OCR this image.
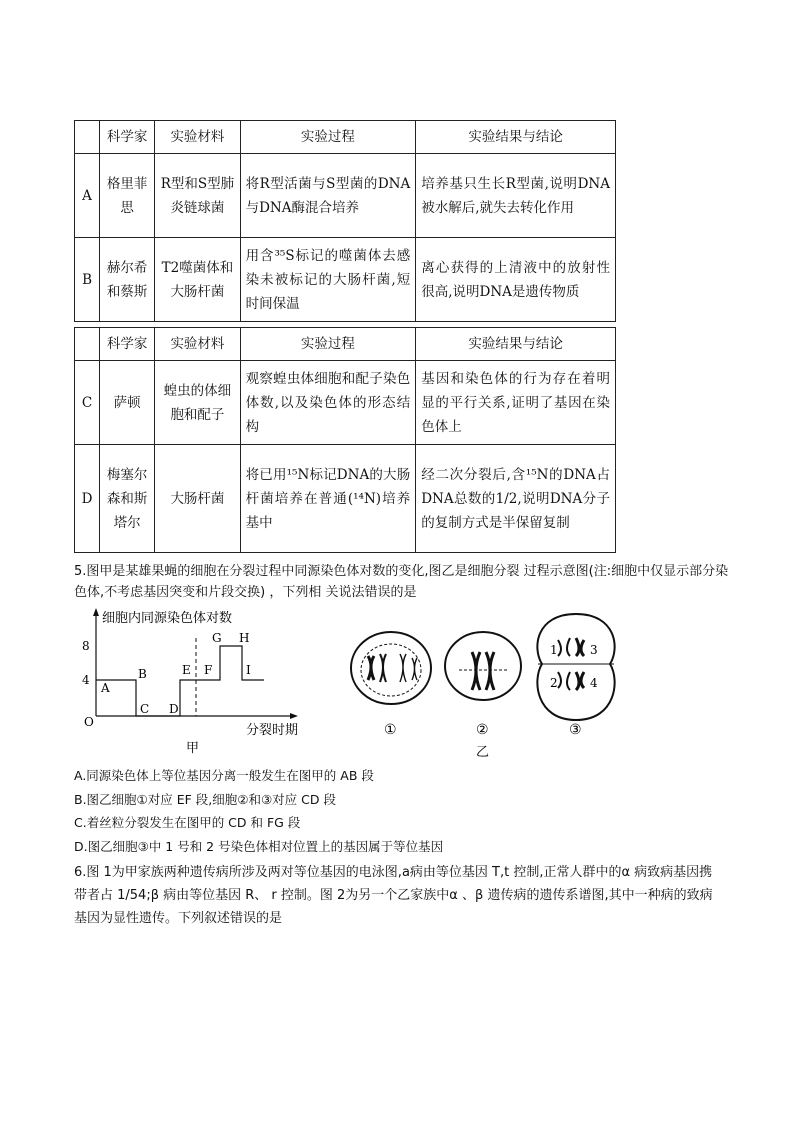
	科学家	实验材料	实验过程	实验结果与结论
A	格里菲思	R型和S型肺炎链球菌	将R型活菌与S型菌的DNA与DNA酶混合培养	培养基只生长R型菌,说明DNA被水解后,就失去转化作用
B	赫尔希和蔡斯	T2噬菌体和大肠杆菌	用含³⁵S标记的噬菌体去感染未被标记的大肠杆菌,短时间保温	离心获得的上清液中的放射性很高,说明DNA是遗传物质
	科学家	实验材料	实验过程	实验结果与结论
C	萨顿	蝗虫的体细胞和配子	观察蝗虫体细胞和配子染色体数,以及染色体的形态结构	基因和染色体的行为存在着明显的平行关系,证明了基因在染色体上
D	梅塞尔森和斯塔尔	大肠杆菌	将已用¹⁵N标记DNA的大肠杆菌培养在普通(¹⁴N)培养基中	经二次分裂后,含¹⁵N的DNA占DNA总数的1/2,说明DNA分子的复制方式是半保留复制
5.图甲是某雄果蝇的细胞在分裂过程中同源染色体对数的变化,图乙是细胞分裂 过程示意图(注:细胞中仅显示部分染色体,不考虑基因突变和片段交换) ，下列相 关说法错误的是
细胞内同源染色体对数
8
4
O
分裂时期
A
B
C D
E F
G H
I
甲
①	②
1
2
3
4
③
乙
A.同源染色体上等位基因分离一般发生在图甲的 AB 段
B.图乙细胞①对应 EF 段,细胞②和③对应 CD 段
C.着丝粒分裂发生在图甲的 CD 和 FG 段
D.图乙细胞③中 1 号和 2 号染色体相对位置上的基因属于等位基因
6.图 1为甲家族两种遗传病所涉及两对等位基因的电泳图,a病由等位基因 T,t 控制,正常人群中的α 病致病基因携带者占 1/54;β 病由等位基因 R、 r 控制。图 2为另一个乙家族中α 、β 遗传病的遗传系谱图,其中一种病的致病基因为显性遗传。下列叙述错误的是
